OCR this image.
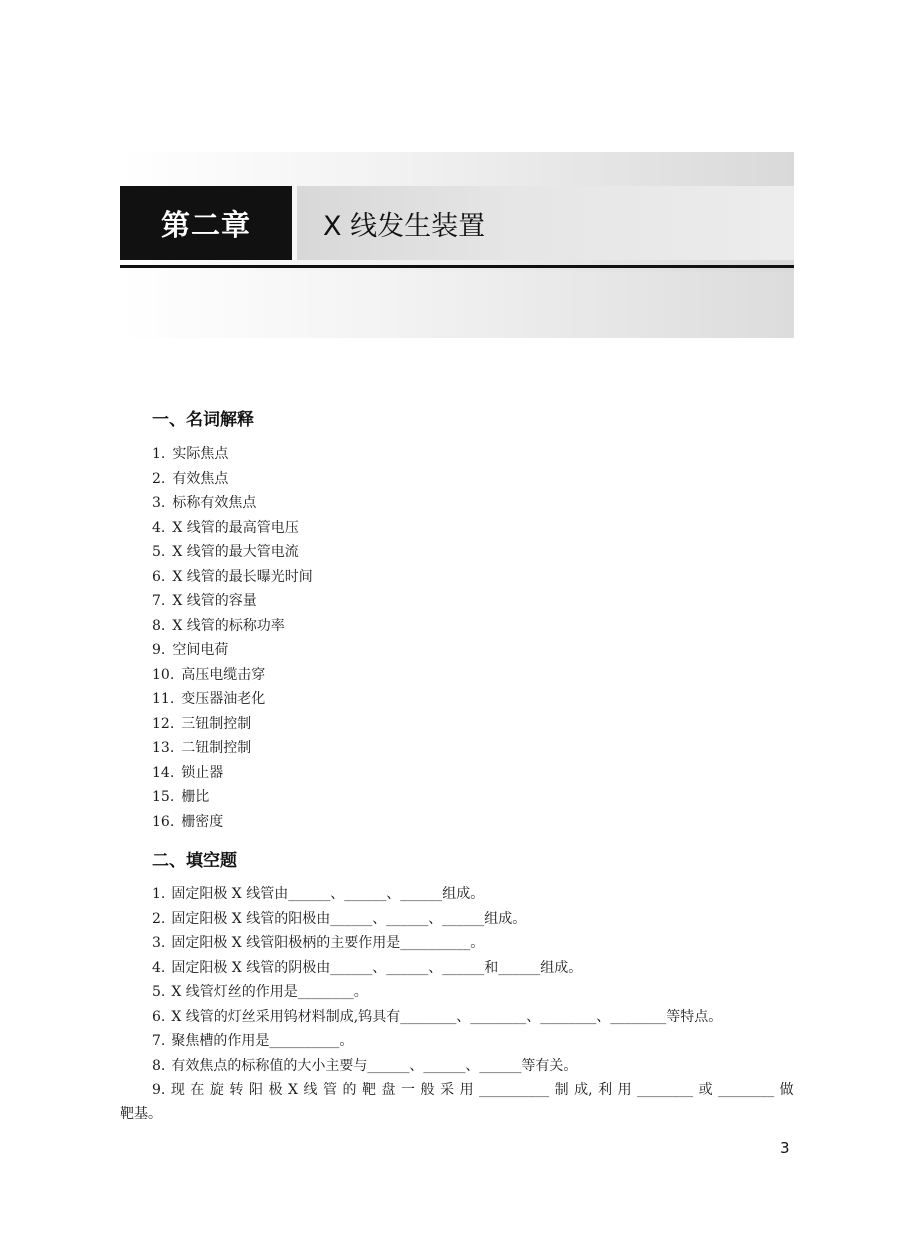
第二章	X 线发生装置
一、名词解释
1. 实际焦点
2. 有效焦点
3. 标称有效焦点
4. X 线管的最高管电压
5. X 线管的最大管电流
6. X 线管的最长曝光时间
7. X 线管的容量
8. X 线管的标称功率
9. 空间电荷
10. 高压电缆击穿
11. 变压器油老化
12. 三钮制控制
13. 二钮制控制
14. 锁止器
15. 栅比
16. 栅密度
二、填空题
1. 固定阳极 X 线管由______、______、______组成。
2. 固定阳极 X 线管的阳极由______、______、______组成。
3. 固定阳极 X 线管阳极柄的主要作用是__________。
4. 固定阳极 X 线管的阴极由______、______、______和______组成。
5. X 线管灯丝的作用是________。
6. X 线管的灯丝采用钨材料制成,钨具有________、________、________、________等特点。
7. 聚焦槽的作用是__________。
8. 有效焦点的标称值的大小主要与______、______、______等有关。
9. 现 在 旋 转 阳 极 X 线 管 的 靶 盘 一 般 采 用 __________ 制 成, 利 用 ________ 或 ________ 做
靶基。
3
